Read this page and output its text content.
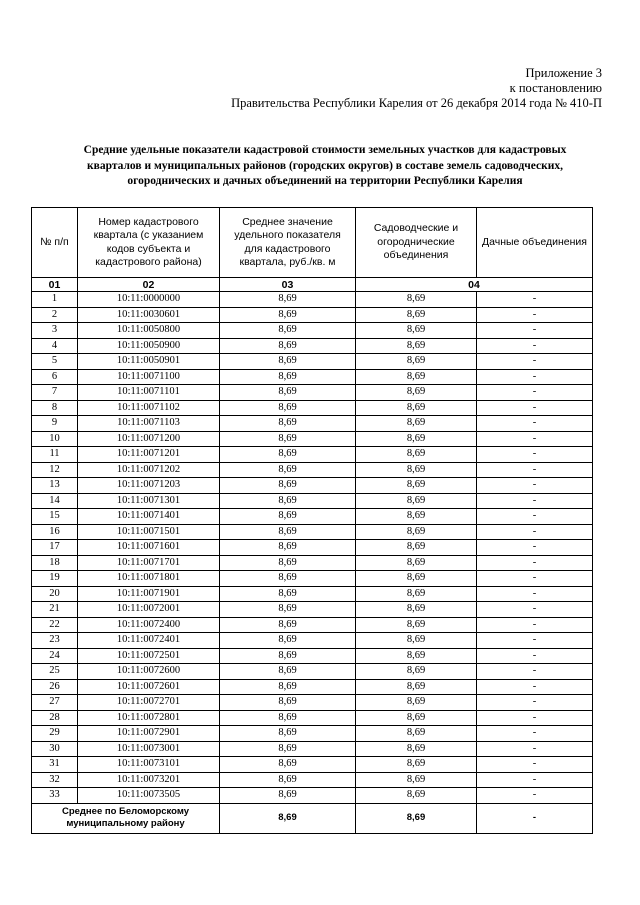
Приложение 3
к постановлению
Правительства Республики Карелия от 26 декабря 2014 года № 410-П
Средние удельные показатели кадастровой стоимости земельных участков для кадастровых
кварталов и муниципальных районов (городских округов) в составе земель садоводческих,
огороднических и дачных объединений на территории Республики Карелия
№ п/п	Номер кадастрового квартала (с указанием кодов субъекта и кадастрового района)	Среднее значение удельного показателя для кадастрового квартала, руб./кв. м	Садоводческие и огороднические объединения	Дачные объединения

01	02	03	04	
1	10:11:0000000	8,69	8,69	-
2	10:11:0030601	8,69	8,69	-
3	10:11:0050800	8,69	8,69	-
4	10:11:0050900	8,69	8,69	-
5	10:11:0050901	8,69	8,69	-
6	10:11:0071100	8,69	8,69	-
7	10:11:0071101	8,69	8,69	-
8	10:11:0071102	8,69	8,69	-
9	10:11:0071103	8,69	8,69	-
10	10:11:0071200	8,69	8,69	-
11	10:11:0071201	8,69	8,69	-
12	10:11:0071202	8,69	8,69	-
13	10:11:0071203	8,69	8,69	-
14	10:11:0071301	8,69	8,69	-
15	10:11:0071401	8,69	8,69	-
16	10:11:0071501	8,69	8,69	-
17	10:11:0071601	8,69	8,69	-
18	10:11:0071701	8,69	8,69	-
19	10:11:0071801	8,69	8,69	-
20	10:11:0071901	8,69	8,69	-
21	10:11:0072001	8,69	8,69	-
22	10:11:0072400	8,69	8,69	-
23	10:11:0072401	8,69	8,69	-
24	10:11:0072501	8,69	8,69	-
25	10:11:0072600	8,69	8,69	-
26	10:11:0072601	8,69	8,69	-
27	10:11:0072701	8,69	8,69	-
28	10:11:0072801	8,69	8,69	-
29	10:11:0072901	8,69	8,69	-
30	10:11:0073001	8,69	8,69	-
31	10:11:0073101	8,69	8,69	-
32	10:11:0073201	8,69	8,69	-
33	10:11:0073505	8,69	8,69	-
Среднее по Беломорскому муниципальному району		8,69	8,69	-
